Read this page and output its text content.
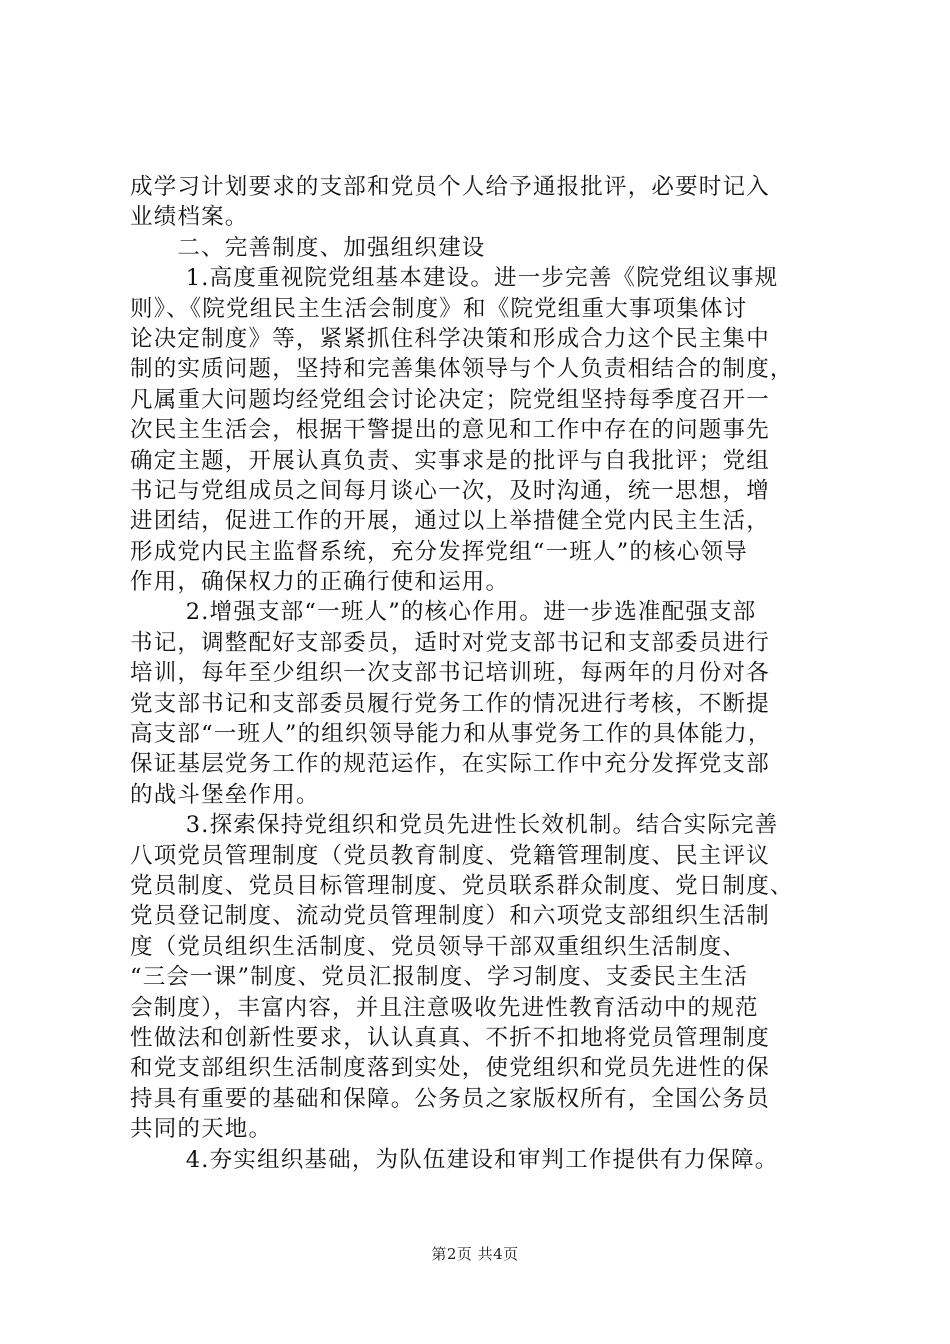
成学习计划要求的支部和党员个人给予通报批评，必要时记入
业绩档案。
　　二、完善制度、加强组织建设
　　 1.高度重视院党组基本建设。进一步完善《院党组议事规
则》、《院党组民主生活会制度》和《院党组重大事项集体讨
论决定制度》等，紧紧抓住科学决策和形成合力这个民主集中
制的实质问题，坚持和完善集体领导与个人负责相结合的制度，
凡属重大问题均经党组会讨论决定；院党组坚持每季度召开一
次民主生活会，根据干警提出的意见和工作中存在的问题事先
确定主题，开展认真负责、实事求是的批评与自我批评；党组
书记与党组成员之间每月谈心一次，及时沟通，统一思想，增
进团结，促进工作的开展，通过以上举措健全党内民主生活，
形成党内民主监督系统，充分发挥党组“一班人”的核心领导
作用，确保权力的正确行使和运用。
　　 2.增强支部“一班人”的核心作用。进一步选准配强支部
书记，调整配好支部委员，适时对党支部书记和支部委员进行
培训，每年至少组织一次支部书记培训班，每两年的月份对各
党支部书记和支部委员履行党务工作的情况进行考核，不断提
高支部“一班人”的组织领导能力和从事党务工作的具体能力，
保证基层党务工作的规范运作，在实际工作中充分发挥党支部
的战斗堡垒作用。
　　 3.探索保持党组织和党员先进性长效机制。结合实际完善
八项党员管理制度（党员教育制度、党籍管理制度、民主评议
党员制度、党员目标管理制度、党员联系群众制度、党日制度、
党员登记制度、流动党员管理制度）和六项党支部组织生活制
度（党员组织生活制度、党员领导干部双重组织生活制度、
“三会一课”制度、党员汇报制度、学习制度、支委民主生活
会制度），丰富内容，并且注意吸收先进性教育活动中的规范
性做法和创新性要求，认认真真、不折不扣地将党员管理制度
和党支部组织生活制度落到实处，使党组织和党员先进性的保
持具有重要的基础和保障。公务员之家版权所有，全国公务员
共同的天地。
　　 4.夯实组织基础，为队伍建设和审判工作提供有力保障。
第2页 共4页
